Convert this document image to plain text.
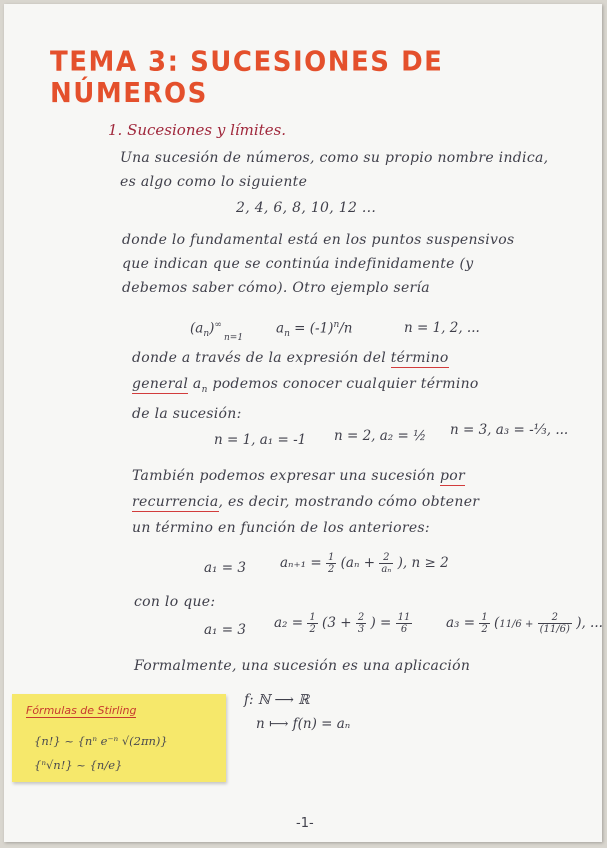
TEMA 3: SUCESIONES DE NÚMEROS
1. Sucesiones y límites.
Una sucesión de números, como su propio nombre indica,
es algo como lo siguiente
2, 4, 6, 8, 10, 12 ...
donde lo fundamental está en los puntos suspensivos
que indican que se continúa indefinidamente (y
debemos saber cómo). Otro ejemplo sería
$(a_n)^\infty$
n=1
$a_n = (-1)^n/n$	n = 1, 2, ...
donde a través de la expresión del término
general $a_n$ podemos conocer cualquier término
de la sucesión:
n = 1, a₁ = -1 n = 2, a₂ = ½ n = 3, a₃ = -⅓, ...
También podemos expresar una sucesión por
recurrencia, es decir, mostrando cómo obtener
un término en función de los anteriores:
a₁ = 3	$a_{n+1} = \frac{1}{2} (a_n + \frac{2}{\text{aₙ}}$ ), n ≥ 2
con lo que:
a₁ = 3 $a_2 = \frac{1}{2} (3 + \frac{2}{3}$ ) = $\frac{11}{6} a_3 = \frac{1}{2} (11/6 + \frac{2}{(11/6)}$ ), ...
Formalmente, una sucesión es una aplicación
f: ℕ ⟶ ℝ
n ⟼ f(n) = aₙ
-1-
Fórmulas de Stirling
{n!} ~ {nⁿ e⁻ⁿ √(2πn)}
{ⁿ√n!} ~ {n/e}
